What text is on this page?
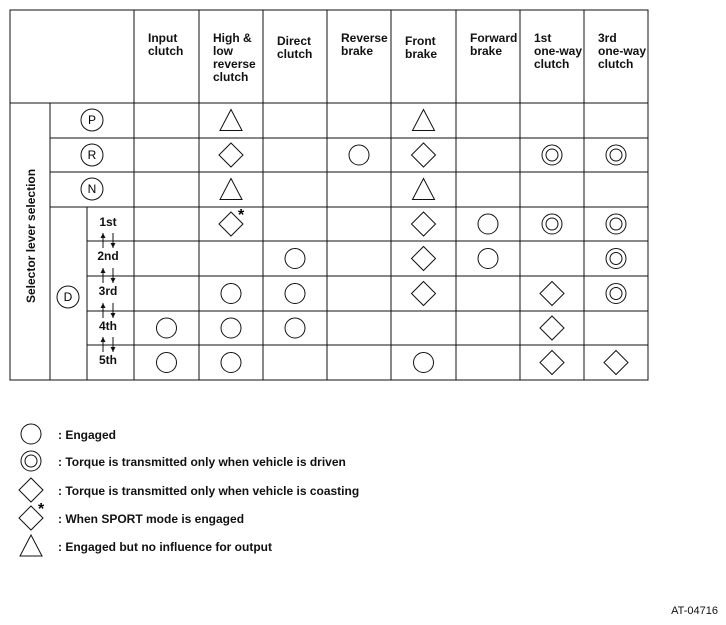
P
R
N
D
*
*
Selector lever selection
Input
clutch
High &
low
reverse
clutch
Direct
clutch
Reverse
brake
Front
brake
Forward
brake
1st
one-way
clutch
3rd
one-way
clutch
1st
2nd
3rd
4th
5th
: Engaged
: Torque is transmitted only when vehicle is driven
: Torque is transmitted only when vehicle is coasting
: When SPORT mode is engaged
: Engaged but no influence for output
AT-04716
